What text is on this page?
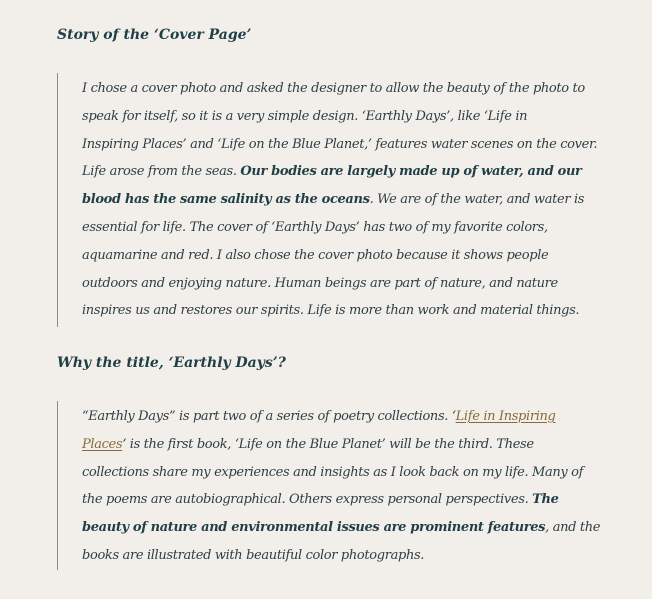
Story of the ‘Cover Page’
I chose a cover photo and asked the designer to allow the beauty of the photo to
speak for itself, so it is a very simple design. ‘Earthly Days’, like ‘Life in
Inspiring Places’ and ‘Life on the Blue Planet,’ features water scenes on the cover.
Life arose from the seas. Our bodies are largely made up of water, and our
blood has the same salinity as the oceans. We are of the water, and water is
essential for life. The cover of ‘Earthly Days’ has two of my favorite colors,
aquamarine and red. I also chose the cover photo because it shows people
outdoors and enjoying nature. Human beings are part of nature, and nature
inspires us and restores our spirits. Life is more than work and material things.
Why the title, ‘Earthly Days’?
“Earthly Days” is part two of a series of poetry collections. ‘Life in Inspiring
Places‘ is the first book, ‘Life on the Blue Planet’ will be the third. These
collections share my experiences and insights as I look back on my life. Many of
the poems are autobiographical. Others express personal perspectives. The
beauty of nature and environmental issues are prominent features, and the
books are illustrated with beautiful color photographs.
